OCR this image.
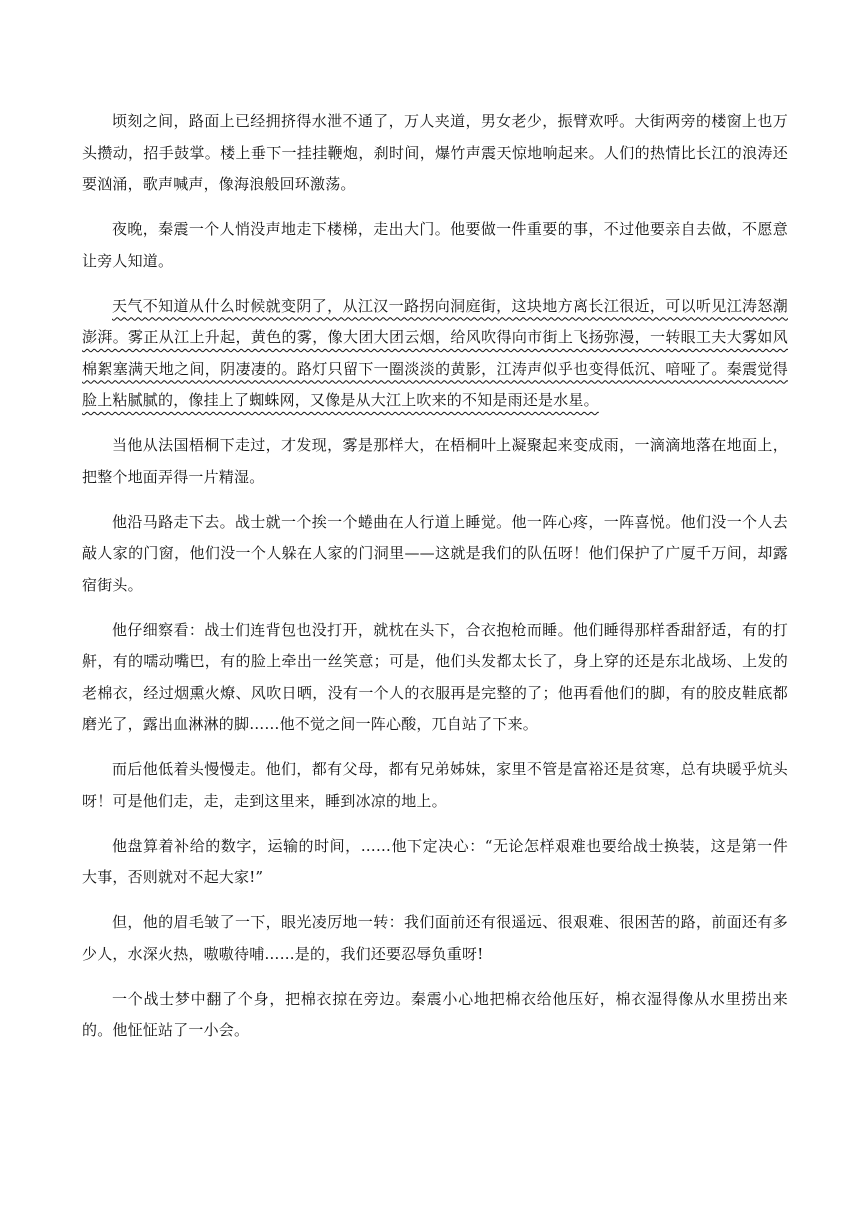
顷刻之间，路面上已经拥挤得水泄不通了，万人夹道，男女老少，振臂欢呼。大街两旁的楼窗上也万头攒动，招手鼓掌。楼上垂下一挂挂鞭炮，刹时间，爆竹声震天惊地响起来。人们的热情比长江的浪涛还要汹涌，歌声喊声，像海浪般回环激荡。

夜晚，秦震一个人悄没声地走下楼梯，走出大门。他要做一件重要的事，不过他要亲自去做，不愿意让旁人知道。

天气不知道从什么时候就变阴了，从江汉一路拐向洞庭街，这块地方离长江很近，可以听见江涛怒潮澎湃。雾正从江上升起，黄色的雾，像大团大团云烟，给风吹得向市街上飞扬弥漫，一转眼工夫大雾如风棉絮塞满天地之间，阴凄凄的。路灯只留下一圈淡淡的黄影，江涛声似乎也变得低沉、喑哑了。秦震觉得脸上粘腻腻的，像挂上了蜘蛛网，又像是从大江上吹来的不知是雨还是水星。

当他从法国梧桐下走过，才发现，雾是那样大，在梧桐叶上凝聚起来变成雨，一滴滴地落在地面上，把整个地面弄得一片精湿。

他沿马路走下去。战士就一个挨一个蜷曲在人行道上睡觉。他一阵心疼，一阵喜悦。他们没一个人去敲人家的门窗，他们没一个人躲在人家的门洞里——这就是我们的队伍呀！他们保护了广厦千万间，却露宿街头。

他仔细察看：战士们连背包也没打开，就枕在头下，合衣抱枪而睡。他们睡得那样香甜舒适，有的打鼾，有的嚅动嘴巴，有的脸上牵出一丝笑意；可是，他们头发都太长了，身上穿的还是东北战场、上发的老棉衣，经过烟熏火燎、风吹日晒，没有一个人的衣服再是完整的了；他再看他们的脚，有的胶皮鞋底都磨光了，露出血淋淋的脚……他不觉之间一阵心酸，兀自站了下来。

而后他低着头慢慢走。他们，都有父母，都有兄弟姊妹，家里不管是富裕还是贫寒，总有块暖乎炕头呀！可是他们走，走，走到这里来，睡到冰凉的地上。

他盘算着补给的数字，运输的时间，……他下定决心：“无论怎样艰难也要给战士换装，这是第一件大事，否则就对不起大家!”

但，他的眉毛皱了一下，眼光凌厉地一转：我们面前还有很遥远、很艰难、很困苦的路，前面还有多少人，水深火热，嗷嗷待哺……是的，我们还要忍辱负重呀!

一个战士梦中翻了个身，把棉衣掠在旁边。秦震小心地把棉衣给他压好，棉衣湿得像从水里捞出来的。他怔怔站了一小会。
